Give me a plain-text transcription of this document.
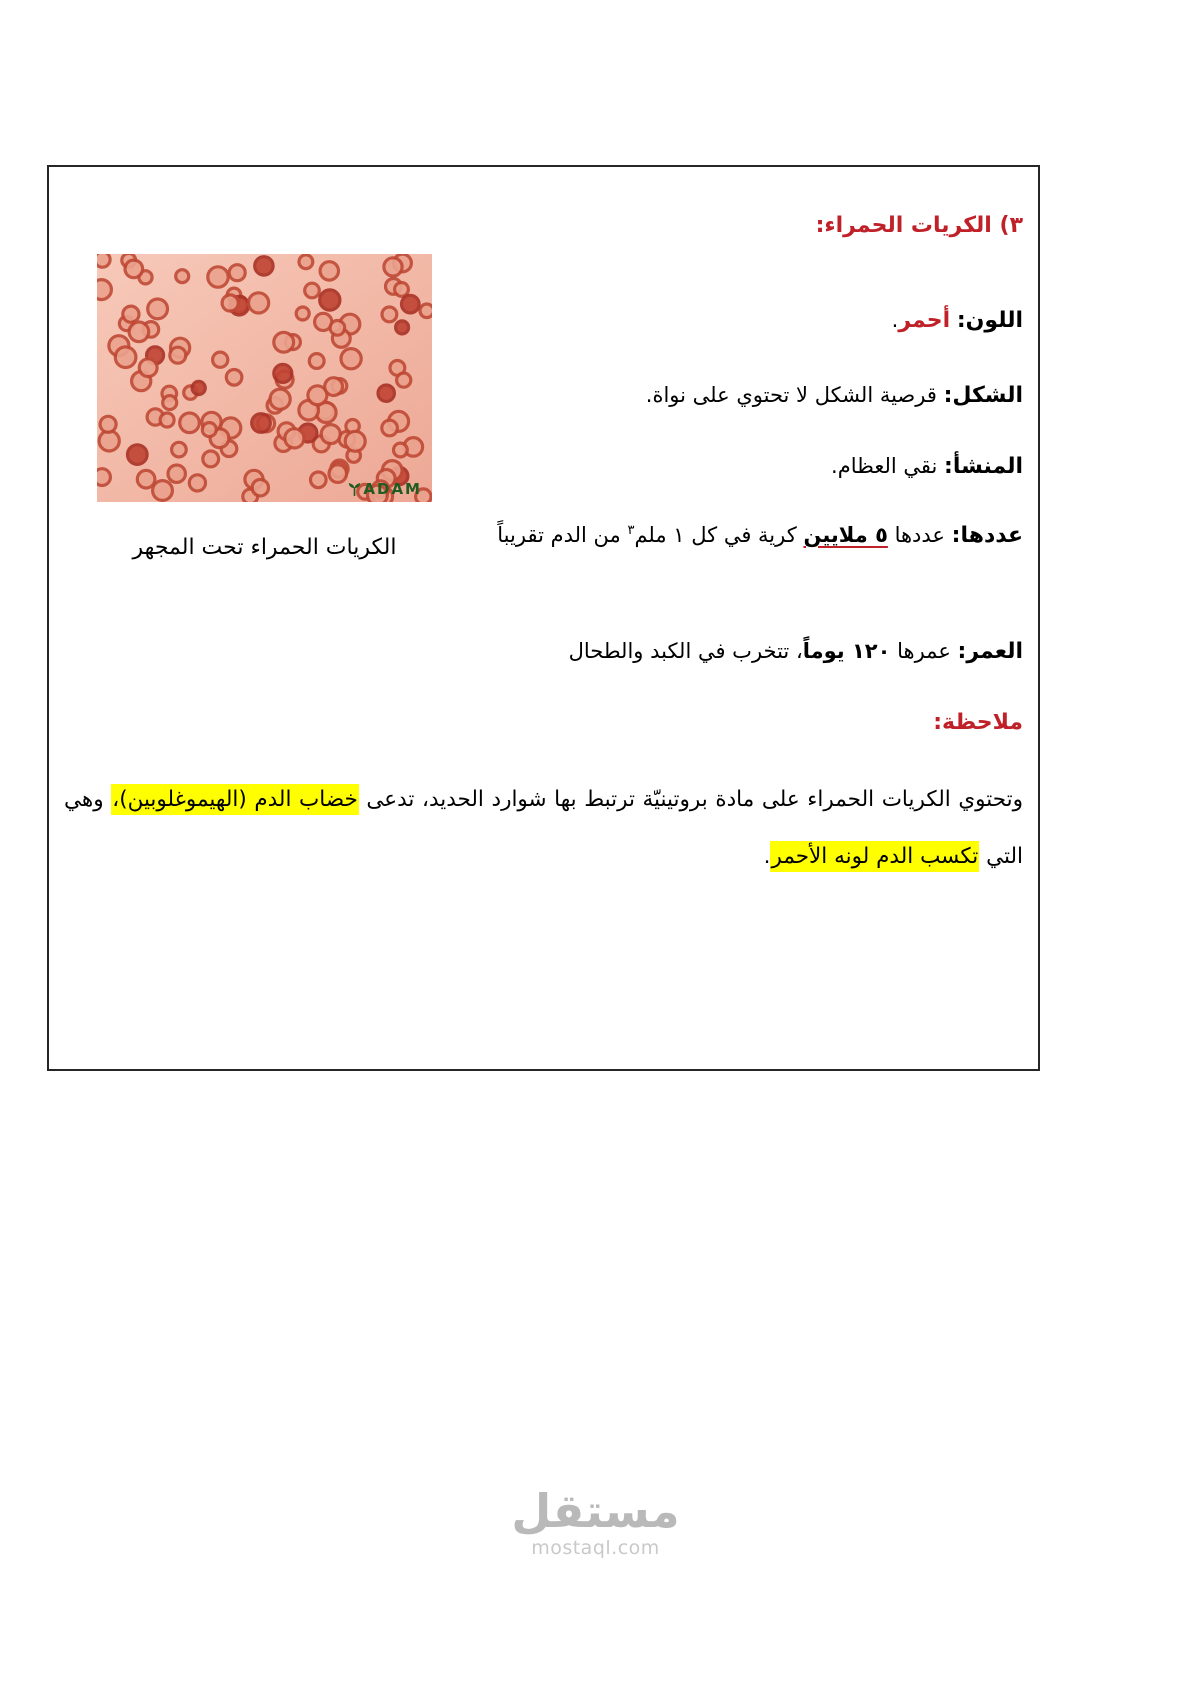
٣) الكريات الحمراء:
ADAM
الكريات الحمراء تحت المجهر
اللون: أحمر.
الشكل: قرصية الشكل لا تحتوي على نواة.
المنشأ: نقي العظام.
عددها: عددها ٥ ملايين كرية في كل ١ ملم$^٣$ من الدم تقريباً
العمر: عمرها ١٢٠ يوماً، تتخرب في الكبد والطحال
ملاحظة:
وتحتوي الكريات الحمراء على مادة بروتينيّة ترتبط بها شوارد الحديد، تدعى خضاب الدم (الهيموغلوبين)، وهي التي تكسب الدم لونه الأحمر.
مستقل
mostaql.com
